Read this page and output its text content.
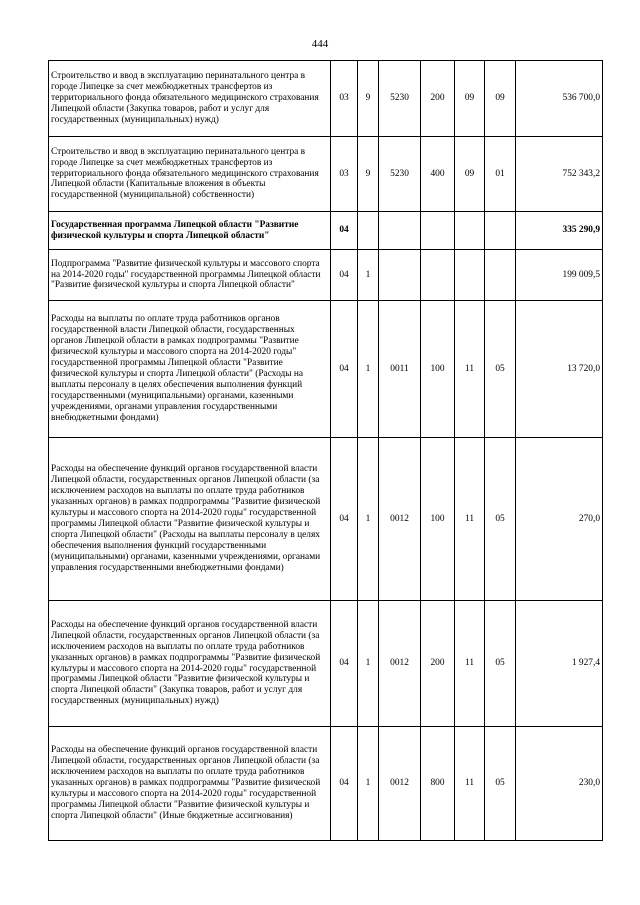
444
Строительство и ввод в эксплуатацию перинатального центра в городе Липецке за счет межбюджетных трансфертов из территориального фонда обязательного медицинского страхования Липецкой области (Закупка товаров, работ и услуг для государственных (муниципальных) нужд)	03	9	5230	200	09	09	536 700,0
Строительство и ввод в эксплуатацию перинатального центра в городе Липецке за счет межбюджетных трансфертов из территориального фонда обязательного медицинского страхования Липецкой области (Капитальные вложения в объекты государственной (муниципальной) собственности)	03	9	5230	400	09	01	752 343,2
Государственная программа Липецкой области "Развитие физической культуры и спорта Липецкой области"	04						335 290,9
Подпрограмма "Развитие физической культуры и массового спорта на 2014-2020 годы" государственной программы Липецкой области "Развитие физической культуры и спорта Липецкой области"	04	1					199 009,5
Расходы на выплаты по оплате труда работников органов государственной власти Липецкой области, государственных органов Липецкой области в рамках подпрограммы "Развитие физической культуры и массового спорта на 2014-2020 годы" государственной программы Липецкой области "Развитие физической культуры и спорта Липецкой области" (Расходы на выплаты персоналу в целях обеспечения выполнения функций государственными (муниципальными) органами, казенными учреждениями, органами управления государственными внебюджетными фондами)	04	1	0011	100	11	05	13 720,0
Расходы на обеспечение функций органов государственной власти Липецкой области, государственных органов Липецкой области (за исключением расходов на выплаты по оплате труда работников указанных органов) в рамках подпрограммы "Развитие физической культуры и массового спорта на 2014-2020 годы" государственной программы Липецкой области "Развитие физической культуры и спорта Липецкой области" (Расходы на выплаты персоналу в целях обеспечения выполнения функций государственными (муниципальными) органами, казенными учреждениями, органами управления государственными внебюджетными фондами)	04	1	0012	100	11	05	270,0
Расходы на обеспечение функций органов государственной власти Липецкой области, государственных органов Липецкой области (за исключением расходов на выплаты по оплате труда работников указанных органов) в рамках подпрограммы "Развитие физической культуры и массового спорта на 2014-2020 годы" государственной программы Липецкой области "Развитие физической культуры и спорта Липецкой области" (Закупка товаров, работ и услуг для государственных (муниципальных) нужд)	04	1	0012	200	11	05	1 927,4
Расходы на обеспечение функций органов государственной власти Липецкой области, государственных органов Липецкой области (за исключением расходов на выплаты по оплате труда работников указанных органов) в рамках подпрограммы "Развитие физической культуры и массового спорта на 2014-2020 годы" государственной программы Липецкой области "Развитие физической культуры и спорта Липецкой области" (Иные бюджетные ассигнования)	04	1	0012	800	11	05	230,0
